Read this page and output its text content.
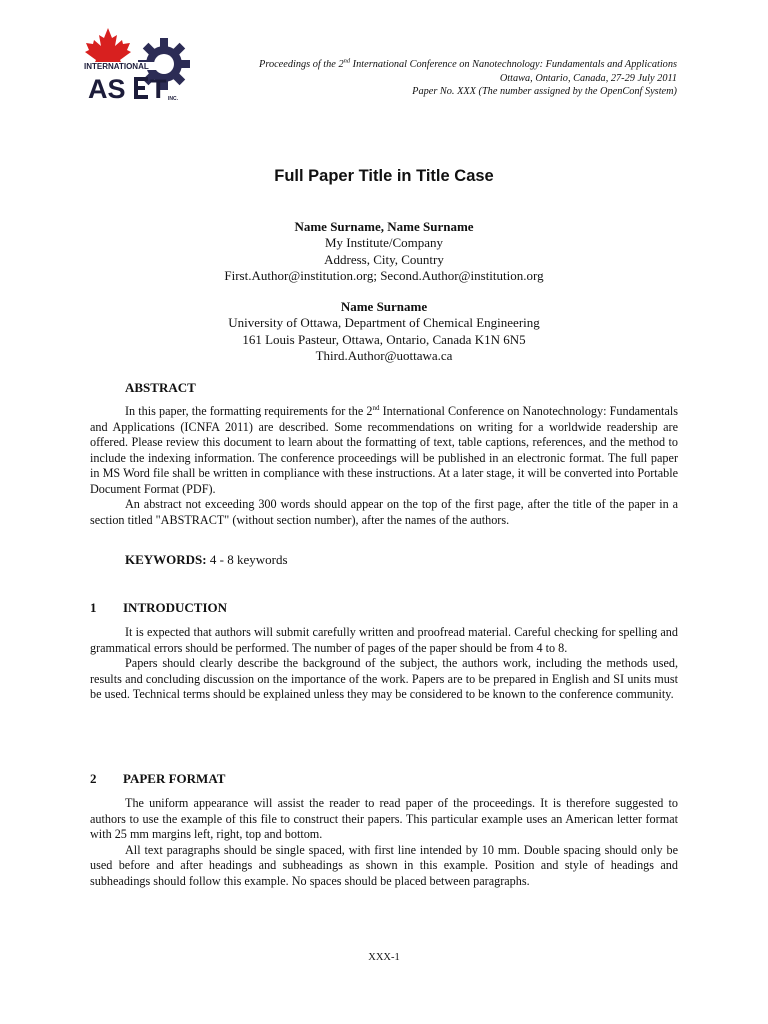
INTERNATIONAL
AS T INC.
Proceedings of the 2nd International Conference on Nanotechnology: Fundamentals and Applications
Ottawa, Ontario, Canada, 27-29 July 2011
Paper No. XXX (The number assigned by the OpenConf System)
Full Paper Title in Title Case
Name Surname, Name Surname
My Institute/Company
Address, City, Country
First.Author@institution.org; Second.Author@institution.org
Name Surname
University of Ottawa, Department of Chemical Engineering
161 Louis Pasteur, Ottawa, Ontario, Canada K1N 6N5
Third.Author@uottawa.ca
ABSTRACT

In this paper, the formatting requirements for the 2nd International Conference on Nanotechnology: Fundamentals and Applications (ICNFA 2011) are described. Some recommendations on writing for a worldwide readership are offered. Please review this document to learn about the formatting of text, table captions, references, and the method to include the indexing information. The conference proceedings will be published in an electronic format. The full paper in MS Word file shall be written in compliance with these instructions. At a later stage, it will be converted into Portable Document Format (PDF).

An abstract not exceeding 300 words should appear on the top of the first page, after the title of the paper in a section titled "ABSTRACT" (without section number), after the names of the authors.

KEYWORDS: 4 - 8 keywords
1 INTRODUCTION

It is expected that authors will submit carefully written and proofread material. Careful checking for spelling and grammatical errors should be performed. The number of pages of the paper should be from 4 to 8.

Papers should clearly describe the background of the subject, the authors work, including the methods used, results and concluding discussion on the importance of the work. Papers are to be prepared in English and SI units must be used. Technical terms should be explained unless they may be considered to be known to the conference community.

2 PAPER FORMAT

The uniform appearance will assist the reader to read paper of the proceedings. It is therefore suggested to authors to use the example of this file to construct their papers. This particular example uses an American letter format with 25 mm margins left, right, top and bottom.

All text paragraphs should be single spaced, with first line intended by 10 mm. Double spacing should only be used before and after headings and subheadings as shown in this example. Position and style of headings and subheadings should follow this example. No spaces should be placed between paragraphs.

XXX-1
